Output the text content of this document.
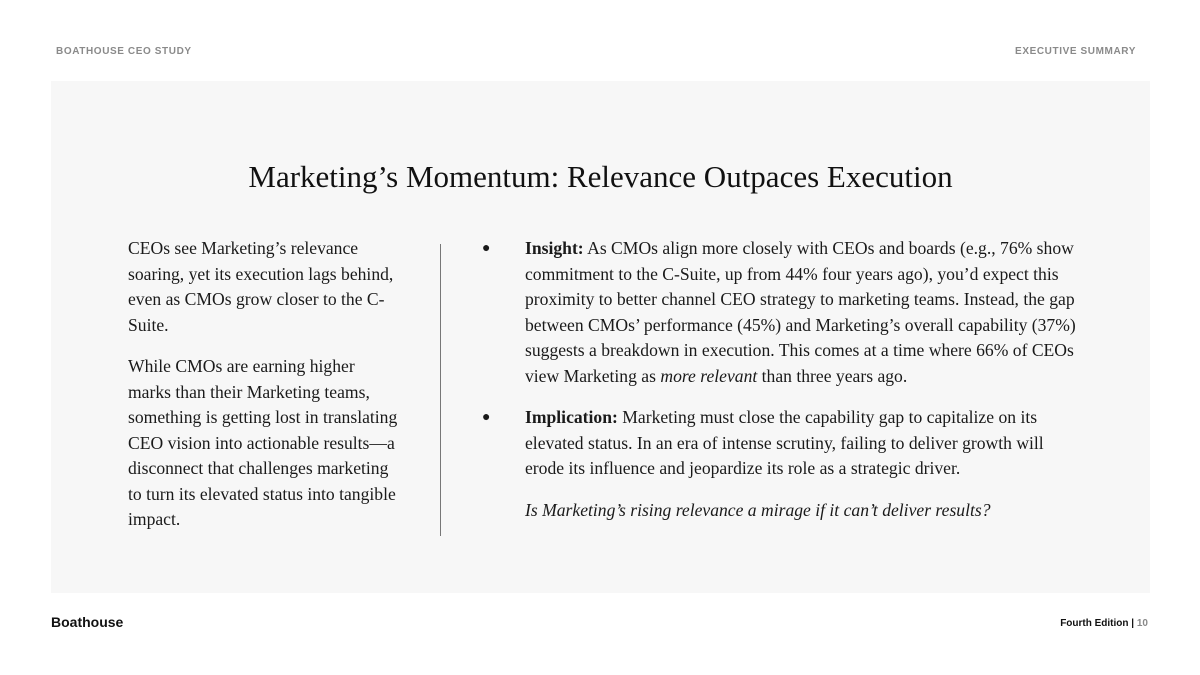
BOATHOUSE CEO STUDY	EXECUTIVE SUMMARY
Marketing’s Momentum: Relevance Outpaces Execution

CEOs see Marketing’s relevance soaring, yet its execution lags behind, even as CMOs grow closer to the C-Suite.

While CMOs are earning higher marks than their Marketing teams, something is getting lost in translating CEO vision into actionable results—a disconnect that challenges marketing to turn its elevated status into tangible impact.

● Insight: As CMOs align more closely with CEOs and boards (e.g., 76% show commitment to the C-Suite, up from 44% four years ago), you’d expect this proximity to better channel CEO strategy to marketing teams. Instead, the gap between CMOs’ performance (45%) and Marketing’s overall capability (37%) suggests a breakdown in execution. This comes at a time where 66% of CEOs view Marketing as more relevant than three years ago.

● Implication: Marketing must close the capability gap to capitalize on its elevated status. In an era of intense scrutiny, failing to deliver growth will erode its influence and jeopardize its role as a strategic driver.

Is Marketing’s rising relevance a mirage if it can’t deliver results?

Boathouse	Fourth Edition | 10
